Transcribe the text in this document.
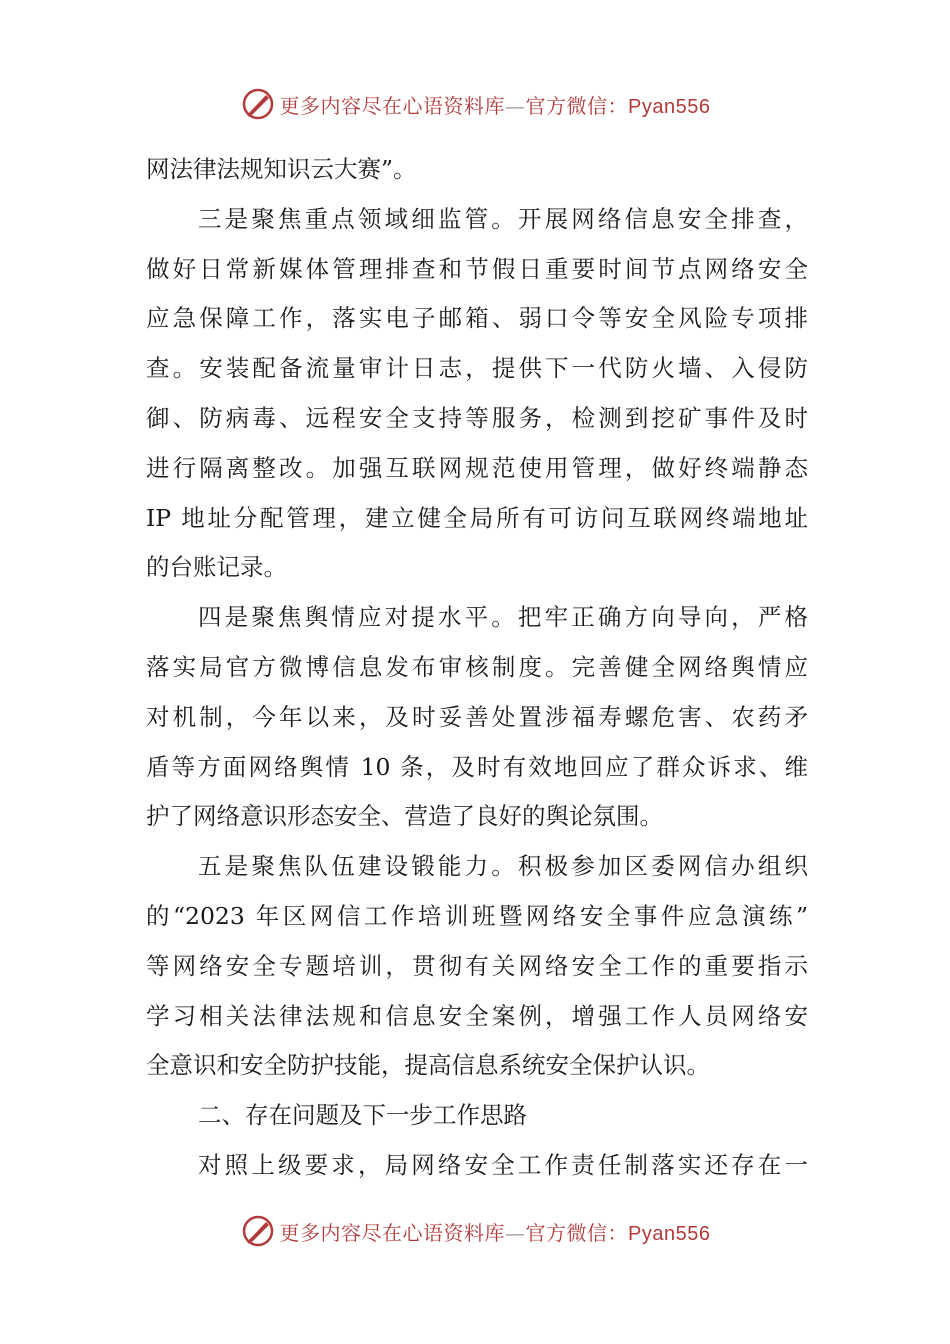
更多内容尽在心语资料库—官方微信：Pyan556
网法律法规知识云大赛”。
三是聚焦重点领域细监管。开展网络信息安全排查，
做好日常新媒体管理排查和节假日重要时间节点网络安全
应急保障工作，落实电子邮箱、弱口令等安全风险专项排
查。安装配备流量审计日志，提供下一代防火墙、入侵防
御、防病毒、远程安全支持等服务，检测到挖矿事件及时
进行隔离整改。加强互联网规范使用管理，做好终端静态
IP 地址分配管理，建立健全局所有可访问互联网终端地址
的台账记录。
四是聚焦舆情应对提水平。把牢正确方向导向，严格
落实局官方微博信息发布审核制度。完善健全网络舆情应
对机制，今年以来，及时妥善处置涉福寿螺危害、农药矛
盾等方面网络舆情 10 条，及时有效地回应了群众诉求、维
护了网络意识形态安全、营造了良好的舆论氛围。
五是聚焦队伍建设锻能力。积极参加区委网信办组织
的“2023 年区网信工作培训班暨网络安全事件应急演练”
等网络安全专题培训，贯彻有关网络安全工作的重要指示
学习相关法律法规和信息安全案例，增强工作人员网络安
全意识和安全防护技能，提高信息系统安全保护认识。
二、存在问题及下一步工作思路
对照上级要求，局网络安全工作责任制落实还存在一
更多内容尽在心语资料库—官方微信：Pyan556
